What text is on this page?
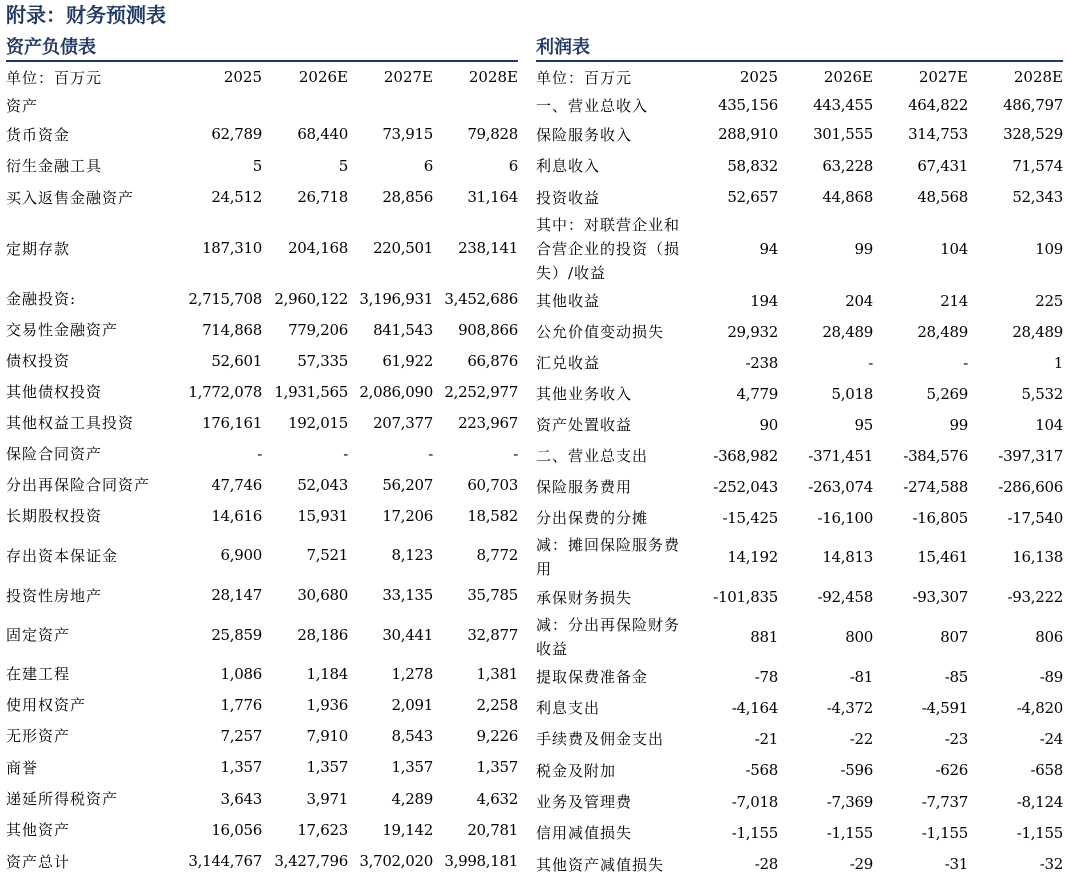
附录：财务预测表
资产负债表
单位：百万元	2025	2026E	2027E	2028E
资产				
货币资金	62,789	68,440	73,915	79,828
衍生金融工具	5	5	6	6
买入返售金融资产	24,512	26,718	28,856	31,164
定期存款	187,310	204,168	220,501	238,141
金融投资:	2,715,708	2,960,122	3,196,931	3,452,686
交易性金融资产	714,868	779,206	841,543	908,866
债权投资	52,601	57,335	61,922	66,876
其他债权投资	1,772,078	1,931,565	2,086,090	2,252,977
其他权益工具投资	176,161	192,015	207,377	223,967
保险合同资产	-	-	-	-
分出再保险合同资产	47,746	52,043	56,207	60,703
长期股权投资	14,616	15,931	17,206	18,582
存出资本保证金	6,900	7,521	8,123	8,772
投资性房地产	28,147	30,680	33,135	35,785
固定资产	25,859	28,186	30,441	32,877
在建工程	1,086	1,184	1,278	1,381
使用权资产	1,776	1,936	2,091	2,258
无形资产	7,257	7,910	8,543	9,226
商誉	1,357	1,357	1,357	1,357
递延所得税资产	3,643	3,971	4,289	4,632
其他资产	16,056	17,623	19,142	20,781
资产总计	3,144,767	3,427,796	3,702,020	3,998,181
利润表
单位：百万元	2025	2026E	2027E	2028E
一、营业总收入	435,156	443,455	464,822	486,797
保险服务收入	288,910	301,555	314,753	328,529
利息收入	58,832	63,228	67,431	71,574
投资收益	52,657	44,868	48,568	52,343
其中：对联营企业和合营企业的投资（损失）/收益	94	99	104	109
其他收益	194	204	214	225
公允价值变动损失	29,932	28,489	28,489	28,489
汇兑收益	-238	-	-	1
其他业务收入	4,779	5,018	5,269	5,532
资产处置收益	90	95	99	104
二、营业总支出	-368,982	-371,451	-384,576	-397,317
保险服务费用	-252,043	-263,074	-274,588	-286,606
分出保费的分摊	-15,425	-16,100	-16,805	-17,540
减：摊回保险服务费用	14,192	14,813	15,461	16,138
承保财务损失	-101,835	-92,458	-93,307	-93,222
减：分出再保险财务收益	881	800	807	806
提取保费准备金	-78	-81	-85	-89
利息支出	-4,164	-4,372	-4,591	-4,820
手续费及佣金支出	-21	-22	-23	-24
税金及附加	-568	-596	-626	-658
业务及管理费	-7,018	-7,369	-7,737	-8,124
信用减值损失	-1,155	-1,155	-1,155	-1,155
其他资产减值损失	-28	-29	-31	-32
